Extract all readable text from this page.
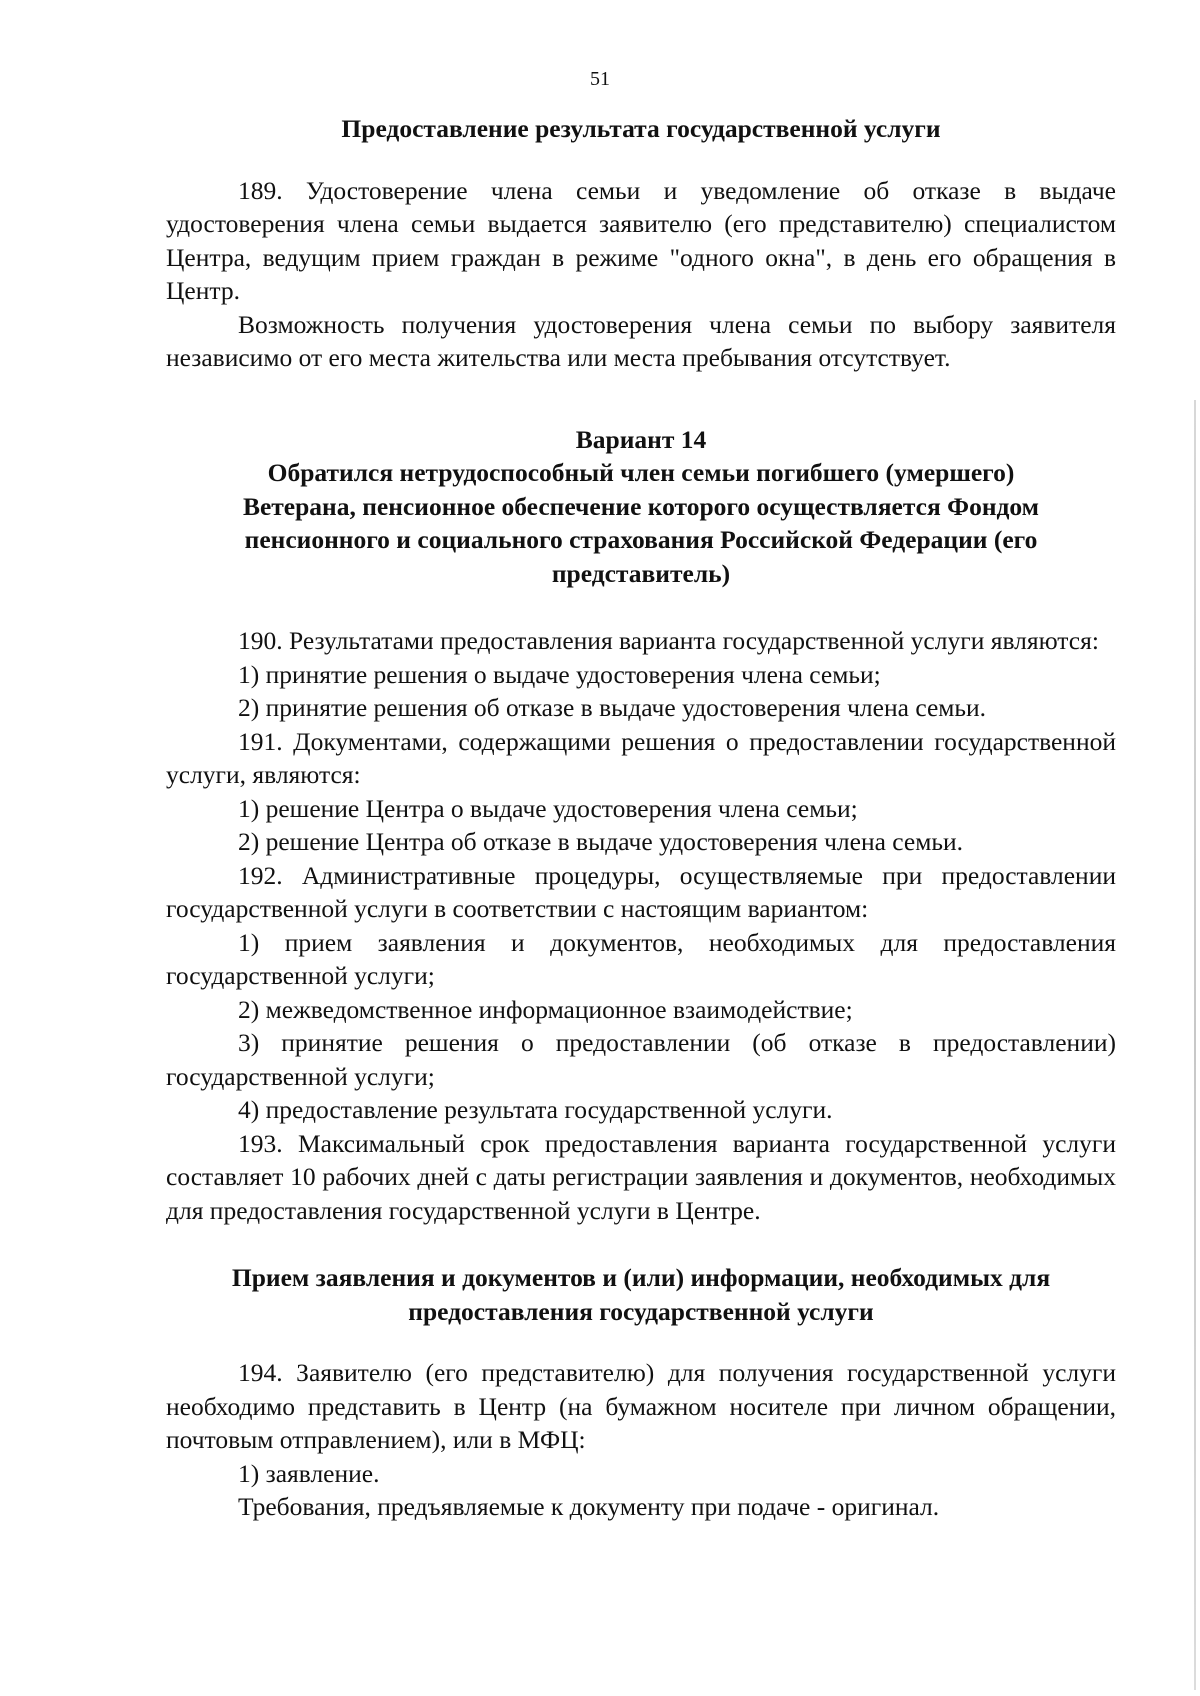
51

Предоставление результата государственной услуги

189. Удостоверение члена семьи и уведомление об отказе в выдаче удостоверения члена семьи выдается заявителю (его представителю) специалистом Центра, ведущим прием граждан в режиме "одного окна", в день его обращения в Центр.

Возможность получения удостоверения члена семьи по выбору заявителя независимо от его места жительства или места пребывания отсутствует.

Вариант 14

Обратился нетрудоспособный член семьи погибшего (умершего)

Ветерана, пенсионное обеспечение которого осуществляется Фондом

пенсионного и социального страхования Российской Федерации (его

представитель)

190. Результатами предоставления варианта государственной услуги являются:

1) принятие решения о выдаче удостоверения члена семьи;

2) принятие решения об отказе в выдаче удостоверения члена семьи.

191. Документами, содержащими решения о предоставлении государственной услуги, являются:

1) решение Центра о выдаче удостоверения члена семьи;

2) решение Центра об отказе в выдаче удостоверения члена семьи.

192. Административные процедуры, осуществляемые при предоставлении государственной услуги в соответствии с настоящим вариантом:

1) прием заявления и документов, необходимых для предоставления государственной услуги;

2) межведомственное информационное взаимодействие;

3) принятие решения о предоставлении (об отказе в предоставлении) государственной услуги;

4) предоставление результата государственной услуги.

193. Максимальный срок предоставления варианта государственной услуги составляет 10 рабочих дней с даты регистрации заявления и документов, необходимых для предоставления государственной услуги в Центре.

Прием заявления и документов и (или) информации, необходимых для

предоставления государственной услуги

194. Заявителю (его представителю) для получения государственной услуги необходимо представить в Центр (на бумажном носителе при личном обращении, почтовым отправлением), или в МФЦ:

1) заявление.

Требования, предъявляемые к документу при подаче - оригинал.
